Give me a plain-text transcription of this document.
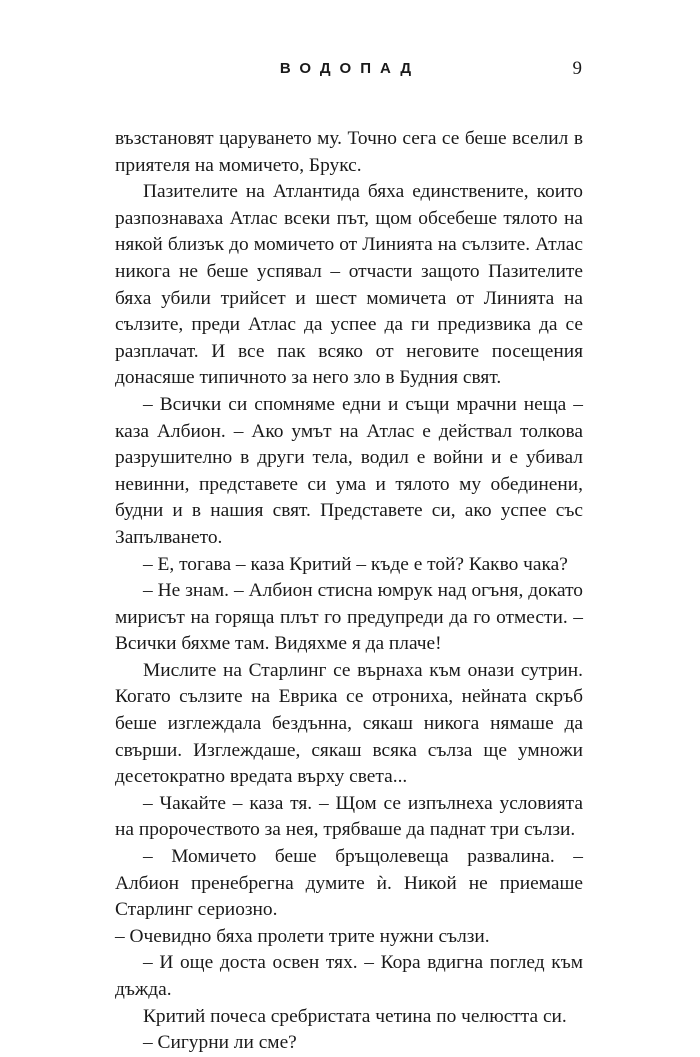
ВОДОПАД	9

възстановят царуването му. Точно сега се беше вселил в приятеля на момичето, Брукс.

Пазителите на Атлантида бяха единствените, които разпознаваха Атлас всеки път, щом обсебеше тялото на някой близък до момичето от Линията на сълзите. Атлас никога не беше успявал – отчасти защото Пазителите бяха убили трийсет и шест момичета от Линията на сълзите, преди Атлас да успее да ги предизвика да се разплачат. И все пак всяко от неговите посещения донасяше типичното за него зло в Будния свят.

– Всички си спомняме едни и същи мрачни неща – каза Албион. – Ако умът на Атлас е действал толкова разрушително в други тела, водил е войни и е убивал невинни, представете си ума и тялото му обединени, будни и в нашия свят. Представете си, ако успее със Запълването.

– Е, тогава – каза Критий – къде е той? Какво чака?

– Не знам. – Албион стисна юмрук над огъня, докато мирисът на горяща плът го предупреди да го отмести. – Всички бяхме там. Видяхме я да плаче!

Мислите на Старлинг се върнаха към онази сутрин. Когато сълзите на Еврика се отрониха, нейната скръб беше изглеждала бездънна, сякаш никога нямаше да свърши. Изглеждаше, сякаш всяка сълза ще умножи десетократно вредата върху света...

– Чакайте – каза тя. – Щом се изпълнеха условията на пророчеството за нея, трябваше да паднат три сълзи.

– Момичето беше бръщолевеща развалина. – Албион пренебрегна думите ѝ. Никой не приемаше Старлинг сериозно.

– Очевидно бяха пролети трите нужни сълзи.

– И още доста освен тях. – Кора вдигна поглед към дъжда.

Критий почеса сребристата четина по челюстта си.

– Сигурни ли сме?
